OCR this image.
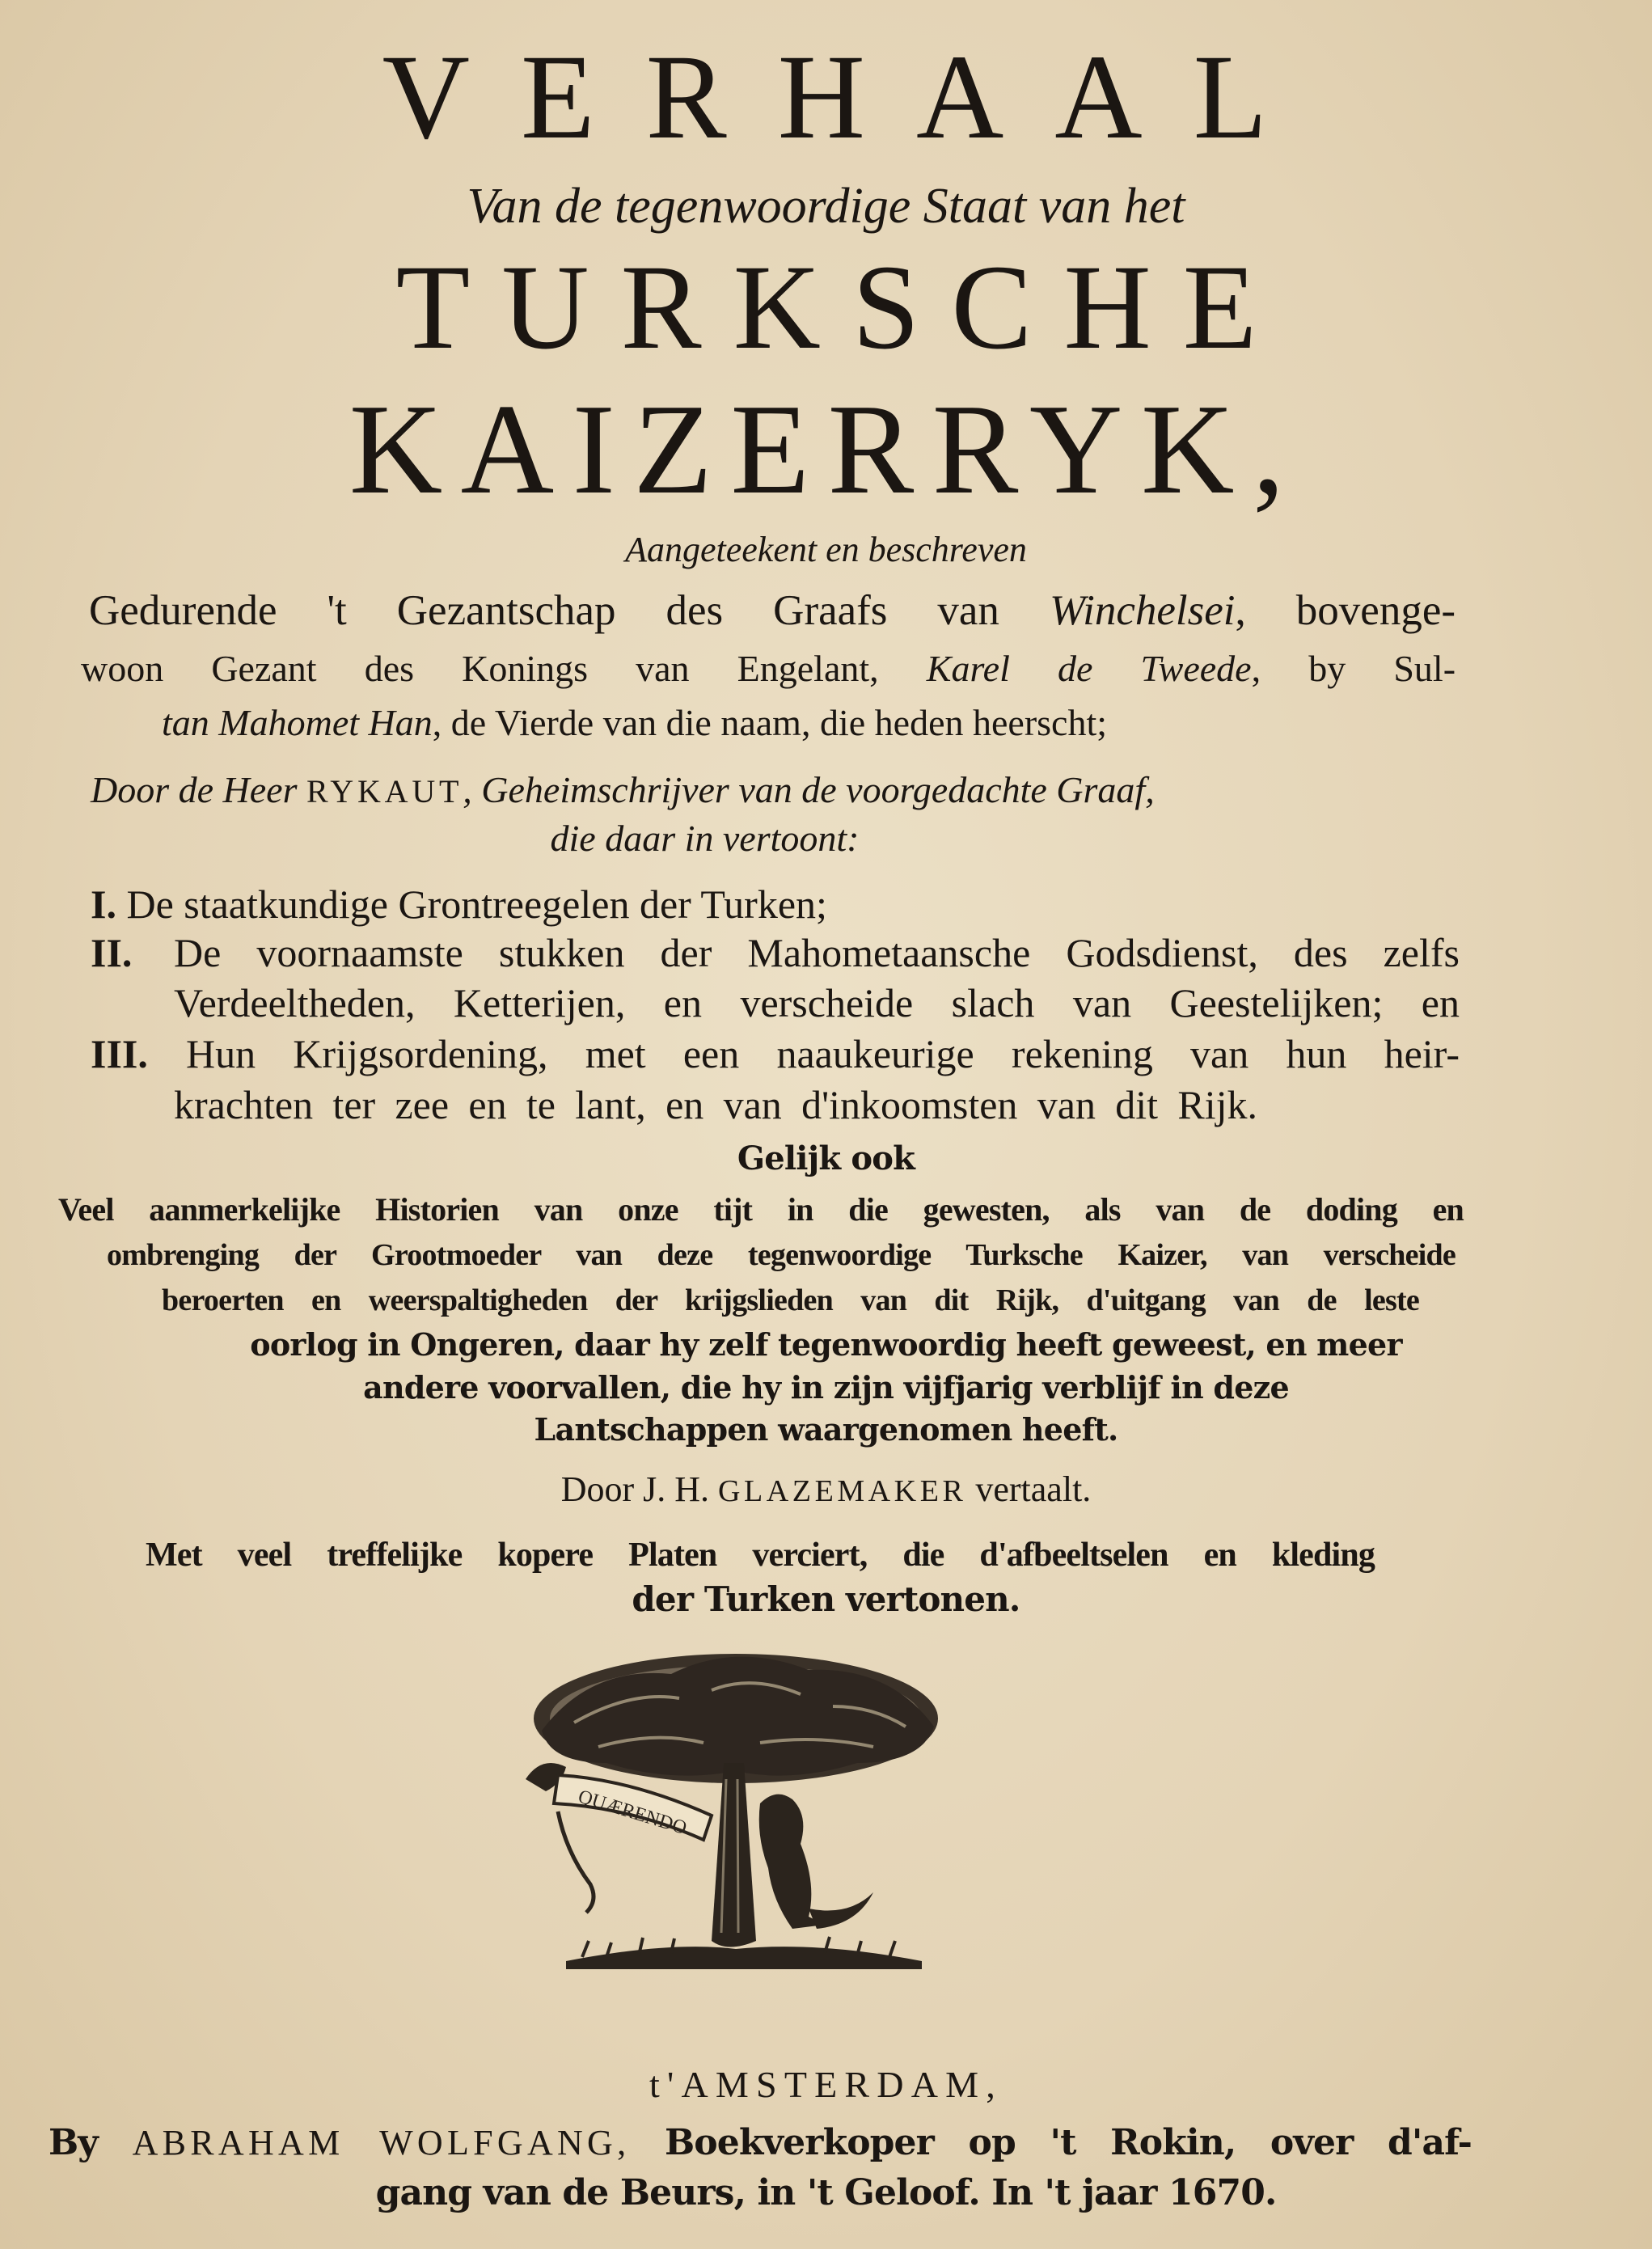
VERHAAL
Van de tegenwoordige Staat van het
TURKSCHE
KAIZERRYK,
Aangeteekent en beschreven
Gedurende 't Gezantschap des Graafs van Winchelsei, bovenge-
woon Gezant des Konings van Engelant, Karel de Tweede, by Sul-
tan Mahomet Han, de Vierde van die naam, die heden heerscht;
Door de Heer RYKAUT, Geheimschrijver van de voorgedachte Graaf,
die daar in vertoont:
I. De staatkundige Grontreegelen der Turken;
II. De voornaamste stukken der Mahometaansche Godsdienst, des zelfs
Verdeeltheden, Ketterijen, en verscheide slach van Geestelijken; en
III. Hun Krijgsordening, met een naaukeurige rekening van hun heir-
krachten ter zee en te lant, en van d'inkoomsten van dit Rijk.
Gelijk ook
Veel aanmerkelijke Historien van onze tijt in die gewesten, als van de doding en
ombrenging der Grootmoeder van deze tegenwoordige Turksche Kaizer, van verscheide
beroerten en weerspaltigheden der krijgslieden van dit Rijk, d'uitgang van de leste
oorlog in Ongeren, daar hy zelf tegenwoordig heeft geweest, en meer
andere voorvallen, die hy in zijn vijfjarig verblijf in deze
Lantschappen waargenomen heeft.
Door J. H. GLAZEMAKER vertaalt.
Met veel treffelijke kopere Platen verciert, die d'afbeeltselen en kleding
der Turken vertonen.
QUÆRENDO
t'AMSTERDAM,
By ABRAHAM WOLFGANG, Boekverkoper op 't Rokin, over d'af-
gang van de Beurs, in 't Geloof. In 't jaar 1670.
